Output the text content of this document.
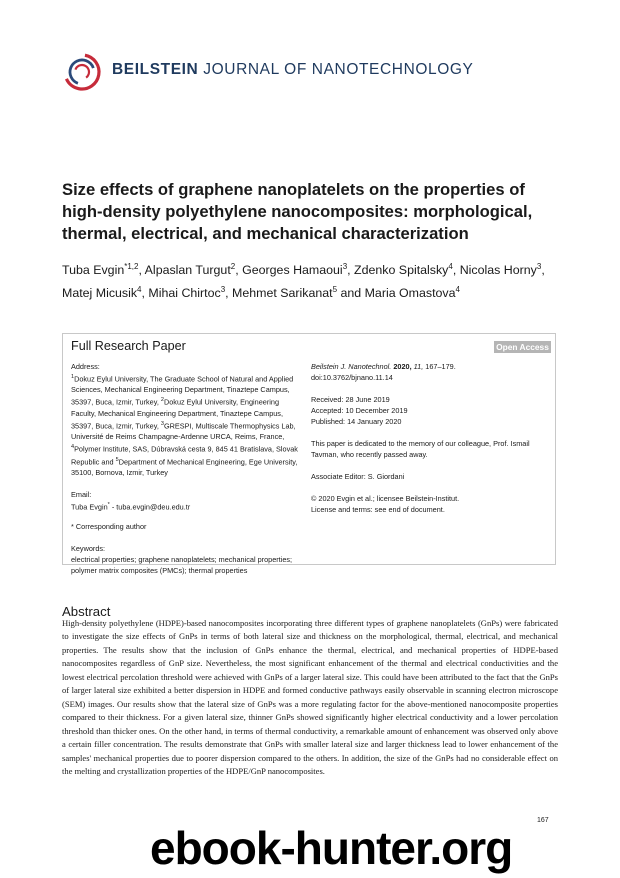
BEILSTEIN JOURNAL OF NANOTECHNOLOGY
Size effects of graphene nanoplatelets on the properties of high-density polyethylene nanocomposites: morphological, thermal, electrical, and mechanical characterization
Tuba Evgin$^{*1,2}$, Alpaslan Turgut$^2$, Georges Hamaoui$^3$, Zdenko Spitalsky$^4$, Nicolas Horny$^3$, Matej Micusik$^4$, Mihai Chirtoc$^3$, Mehmet Sarikanat$^5$ and Maria Omastova$^4$
Full Research Paper	Open Access

Address:

$^1$Dokuz Eylul University, The Graduate School of Natural and Applied Sciences, Mechanical Engineering Department, Tinaztepe Campus, 35397, Buca, Izmir, Turkey, $^2$Dokuz Eylul University, Engineering Faculty, Mechanical Engineering Department, Tinaztepe Campus, 35397, Buca, Izmir, Turkey, $^3$GRESPI, Multiscale Thermophysics Lab, Université de Reims Champagne-Ardenne URCA, Reims, France, $^4$Polymer Institute, SAS, Dúbravská cesta 9, 845 41 Bratislava, Slovak Republic and $^5$Department of Mechanical Engineering, Ege University, 35100, Bornova, Izmir, Turkey

Email:

Tuba Evgin* - tuba.evgin@deu.edu.tr

* Corresponding author

Keywords:

electrical properties; graphene nanoplatelets; mechanical properties; polymer matrix composites (PMCs); thermal properties

Beilstein J. Nanotechnol. 2020, 11, 167–179.

doi:10.3762/bjnano.11.14

Received: 28 June 2019

Accepted: 10 December 2019

Published: 14 January 2020

This paper is dedicated to the memory of our colleague, Prof. Ismail Tavman, who recently passed away.

Associate Editor: S. Giordani

© 2020 Evgin et al.; licensee Beilstein-Institut.

License and terms: see end of document.

Abstract
High-density polyethylene (HDPE)-based nanocomposites incorporating three different types of graphene nanoplatelets (GnPs) were fabricated to investigate the size effects of GnPs in terms of both lateral size and thickness on the morphological, thermal, electrical, and mechanical properties. The results show that the inclusion of GnPs enhance the thermal, electrical, and mechanical properties of HDPE-based nanocomposites regardless of GnP size. Nevertheless, the most significant enhancement of the thermal and electrical conductivities and the lowest electrical percolation threshold were achieved with GnPs of a larger lateral size. This could have been attributed to the fact that the GnPs of larger lateral size exhibited a better dispersion in HDPE and formed conductive pathways easily observable in scanning electron microscope (SEM) images. Our results show that the lateral size of GnPs was a more regulating factor for the above-mentioned nanocomposite properties compared to their thickness. For a given lateral size, thinner GnPs showed significantly higher electrical conductivity and a lower percolation threshold than thicker ones. On the other hand, in terms of thermal conductivity, a remarkable amount of enhancement was observed only above a certain filler concentration. The results demonstrate that GnPs with smaller lateral size and larger thickness lead to lower enhancement of the samples' mechanical properties due to poorer dispersion compared to the others. In addition, the size of the GnPs had no considerable effect on the melting and crystallization properties of the HDPE/GnP nanocomposites.
167
ebook-hunter.org
